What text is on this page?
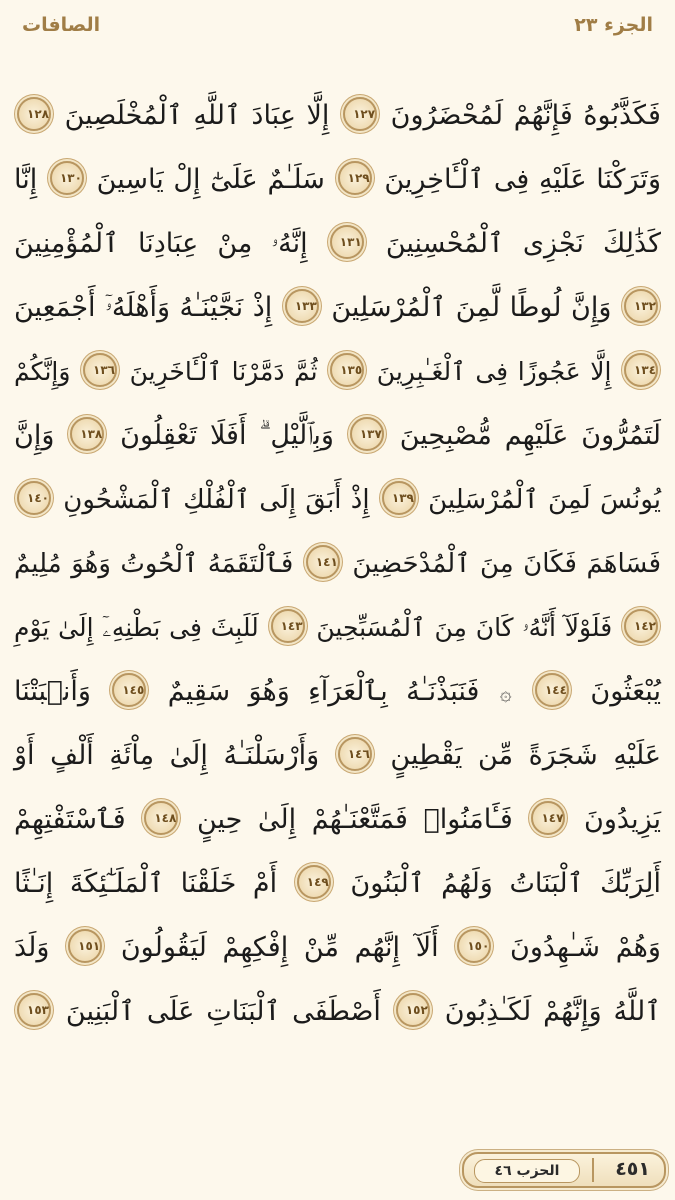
الجزء ٢٣
الصافات
فَكَذَّبُوهُ فَإِنَّهُمْ لَمُحْضَرُونَ ١٢٧ إِلَّا عِبَادَ ٱللَّهِ ٱلْمُخْلَصِينَ ١٢٨
وَتَرَكْنَا عَلَيْهِ فِى ٱلْـَٔاخِرِينَ ١٢٩ سَلَـٰمٌ عَلَىٰٓ إِلْ يَاسِينَ ١٣٠ إِنَّا
كَذَٰلِكَ نَجْزِى ٱلْمُحْسِنِينَ ١٣١ إِنَّهُۥ مِنْ عِبَادِنَا ٱلْمُؤْمِنِينَ
١٣٢ وَإِنَّ لُوطًا لَّمِنَ ٱلْمُرْسَلِينَ ١٣٣ إِذْ نَجَّيْنَـٰهُ وَأَهْلَهُۥٓ أَجْمَعِينَ
١٣٤ إِلَّا عَجُوزًا فِى ٱلْغَـٰبِرِينَ ١٣٥ ثُمَّ دَمَّرْنَا ٱلْـَٔاخَرِينَ ١٣٦ وَإِنَّكُمْ
لَتَمُرُّونَ عَلَيْهِم مُّصْبِحِينَ ١٣٧ وَبِٱلَّيْلِ ۗ أَفَلَا تَعْقِلُونَ ١٣٨ وَإِنَّ
يُونُسَ لَمِنَ ٱلْمُرْسَلِينَ ١٣٩ إِذْ أَبَقَ إِلَى ٱلْفُلْكِ ٱلْمَشْحُونِ ١٤٠
فَسَاهَمَ فَكَانَ مِنَ ٱلْمُدْحَضِينَ ١٤١ فَٱلْتَقَمَهُ ٱلْحُوتُ وَهُوَ مُلِيمٌ
١٤٢ فَلَوْلَآ أَنَّهُۥ كَانَ مِنَ ٱلْمُسَبِّحِينَ ١٤٣ لَلَبِثَ فِى بَطْنِهِۦٓ إِلَىٰ يَوْمِ
يُبْعَثُونَ ١٤٤ ۞ فَنَبَذْنَـٰهُ بِٱلْعَرَآءِ وَهُوَ سَقِيمٌ ١٤٥ وَأَنۢبَتْنَا
عَلَيْهِ شَجَرَةً مِّن يَقْطِينٍ ١٤٦ وَأَرْسَلْنَـٰهُ إِلَىٰ مِاْئَةِ أَلْفٍ أَوْ
يَزِيدُونَ ١٤٧ فَـَٔامَنُوا۟ فَمَتَّعْنَـٰهُمْ إِلَىٰ حِينٍ ١٤٨ فَٱسْتَفْتِهِمْ
أَلِرَبِّكَ ٱلْبَنَاتُ وَلَهُمُ ٱلْبَنُونَ ١٤٩ أَمْ خَلَقْنَا ٱلْمَلَـٰٓئِكَةَ إِنَـٰثًا
وَهُمْ شَـٰهِدُونَ ١٥٠ أَلَآ إِنَّهُم مِّنْ إِفْكِهِمْ لَيَقُولُونَ ١٥١ وَلَدَ
ٱللَّهُ وَإِنَّهُمْ لَكَـٰذِبُونَ ١٥٢ أَصْطَفَى ٱلْبَنَاتِ عَلَى ٱلْبَنِينَ ١٥٣
٤٥١
الحزب ٤٦
